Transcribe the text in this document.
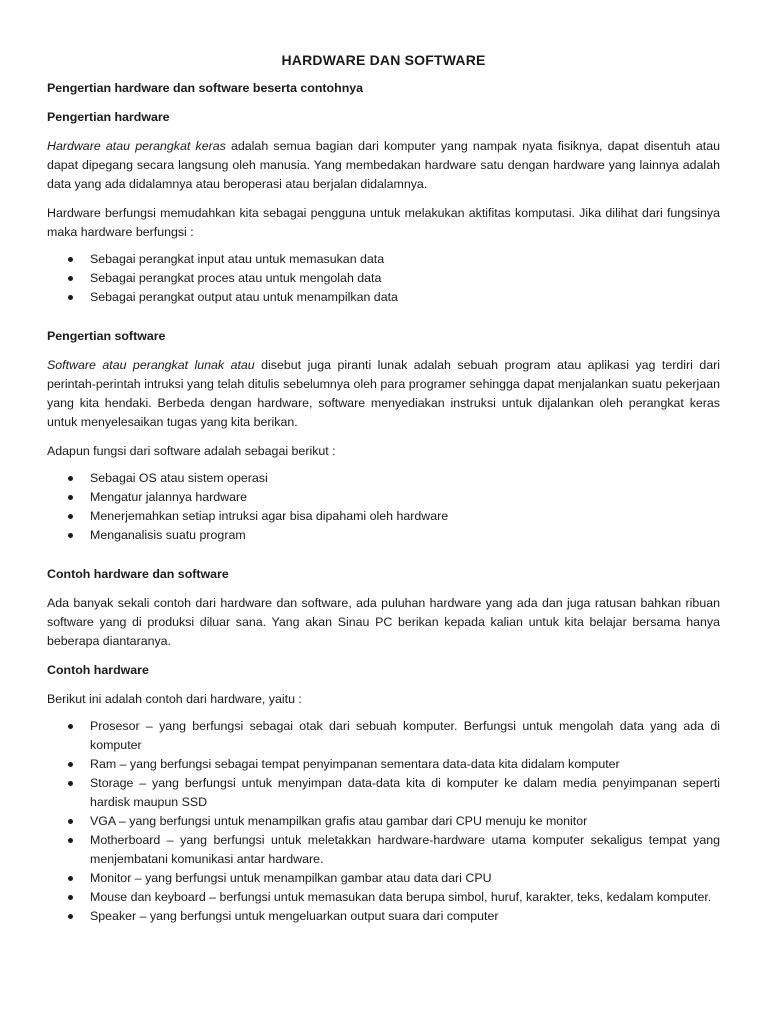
HARDWARE DAN SOFTWARE
Pengertian hardware dan software beserta contohnya
Pengertian hardware

Hardware atau perangkat keras adalah semua bagian dari komputer yang nampak nyata fisiknya, dapat disentuh atau dapat dipegang secara langsung oleh manusia. Yang membedakan hardware satu dengan hardware yang lainnya adalah data yang ada didalamnya atau beroperasi atau berjalan didalamnya.

Hardware berfungsi memudahkan kita sebagai pengguna untuk melakukan aktifitas komputasi. Jika dilihat dari fungsinya maka hardware berfungsi :

Sebagai perangkat input atau untuk memasukan data
Sebagai perangkat proces atau untuk mengolah data
Sebagai perangkat output atau untuk menampilkan data
Pengertian software

Software atau perangkat lunak atau disebut juga piranti lunak adalah sebuah program atau aplikasi yag terdiri dari perintah-perintah intruksi yang telah ditulis sebelumnya oleh para programer sehingga dapat menjalankan suatu pekerjaan yang kita hendaki. Berbeda dengan hardware, software menyediakan instruksi untuk dijalankan oleh perangkat keras untuk menyelesaikan tugas yang kita berikan.

Adapun fungsi dari software adalah sebagai berikut :

Sebagai OS atau sistem operasi
Mengatur jalannya hardware
Menerjemahkan setiap intruksi agar bisa dipahami oleh hardware
Menganalisis suatu program
Contoh hardware dan software

Ada banyak sekali contoh dari hardware dan software, ada puluhan hardware yang ada dan juga ratusan bahkan ribuan software yang di produksi diluar sana. Yang akan Sinau PC berikan kepada kalian untuk kita belajar bersama hanya beberapa diantaranya.

Contoh hardware

Berikut ini adalah contoh dari hardware, yaitu :

Prosesor – yang berfungsi sebagai otak dari sebuah komputer. Berfungsi untuk mengolah data yang ada di komputer
Ram – yang berfungsi sebagai tempat penyimpanan sementara data-data kita didalam komputer
Storage – yang berfungsi untuk menyimpan data-data kita di komputer ke dalam media penyimpanan seperti hardisk maupun SSD
VGA – yang berfungsi untuk menampilkan grafis atau gambar dari CPU menuju ke monitor
Motherboard – yang berfungsi untuk meletakkan hardware-hardware utama komputer sekaligus tempat yang menjembatani komunikasi antar hardware.
Monitor – yang berfungsi untuk menampilkan gambar atau data dari CPU
Mouse dan keyboard – berfungsi untuk memasukan data berupa simbol, huruf, karakter, teks, kedalam komputer.
Speaker – yang berfungsi untuk mengeluarkan output suara dari computer
